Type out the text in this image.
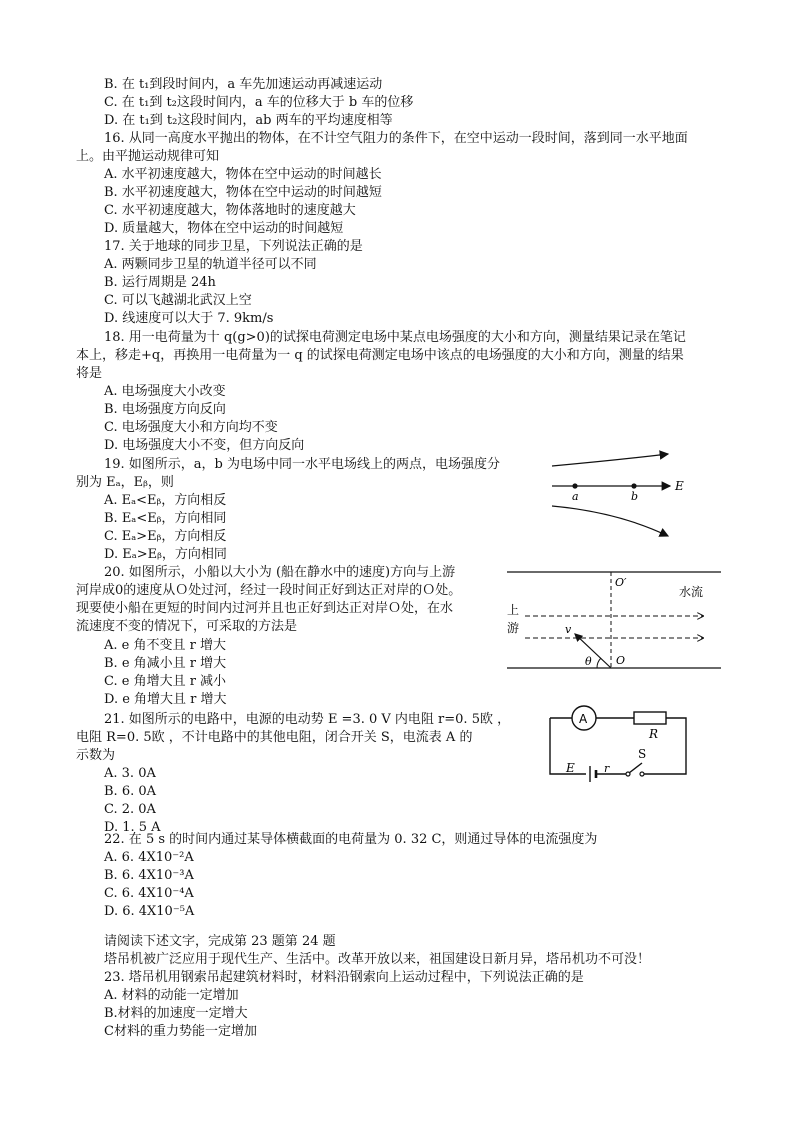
B. 在 t₁到段时间内，a 车先加速运动再减速运动
C. 在 t₁到 t₂这段时间内，a 车的位移大于 b 车的位移
D. 在 t₁到 t₂这段时间内，ab 两车的平均速度相等
16. 从同一高度水平抛出的物体，在不计空气阻力的条件下，在空中运动一段时间，落到同一水平地面
上。由平抛运动规律可知
A. 水平初速度越大，物体在空中运动的时间越长
B. 水平初速度越大，物体在空中运动的时间越短
C. 水平初速度越大，物体落地时的速度越大
D. 质量越大，物体在空中运动的时间越短
17. 关于地球的同步卫星，下列说法正确的是
A. 两颗同步卫星的轨道半径可以不同
B. 运行周期是 24h
C. 可以飞越湖北武汉上空
D. 线速度可以大于 7. 9km/s
18. 用一电荷量为十 q(g>0)的试探电荷测定电场中某点电场强度的大小和方向，测量结果记录在笔记
本上，移走+q，再换用一电荷量为一 q 的试探电荷测定电场中该点的电场强度的大小和方向，测量的结果
将是
A. 电场强度大小改变
B. 电场强度方向反向
C. 电场强度大小和方向均不变
D. 电场强度大小不变，但方向反向
19. 如图所示，a，b 为电场中同一水平电场线上的两点，电场强度分
别为 Eₐ，Eᵦ，则
A. Eₐ<Eᵦ，方向相反
B. Eₐ<Eᵦ，方向相同
C. Eₐ>Eᵦ，方向相反
D. Eₐ>Eᵦ，方向相同
a	b
E
20. 如图所示，小船以大小为 (船在静水中的速度)方向与上游
河岸成0的速度从Ｏ处过河，经过一段时间正好到达正对岸的Ｏ处。
现要使小船在更短的时间内过河并且也正好到达正对岸Ｏ处，在水
流速度不变的情况下，可采取的方法是
A. e 角不变且 r 增大
B. e 角减小且 r 增大
C. e 角增大且 r 减小
D. e 角增大且 r 增大
O′
水流
上
游	v
θ O
21. 如图所示的电路中，电源的电动势 E =3. 0 V 内电阻 r=0. 5欧 ，
电阻 R=0. 5欧 ，不计电路中的其他电阻，闭合开关 S，电流表 A 的
示数为
A. 3. 0A
B. 6. 0A
C. 2. 0A
D. 1. 5 A
A
R
E	r
S
22. 在 5 s 的时间内通过某导体横截面的电荷量为 0. 32 C，则通过导体的电流强度为
A. 6. 4X10⁻²A
B. 6. 4X10⁻³A
C. 6. 4X10⁻⁴A
D. 6. 4X10⁻⁵A
请阅读下述文字，完成第 23 题第 24 题
塔吊机被广泛应用于现代生产、生活中。改革开放以来，祖国建设日新月异，塔吊机功不可没！
23. 塔吊机用钢索吊起建筑材料时，材料沿钢索向上运动过程中，下列说法正确的是
A. 材料的动能一定增加
B.材料的加速度一定增大
C材料的重力势能一定增加
